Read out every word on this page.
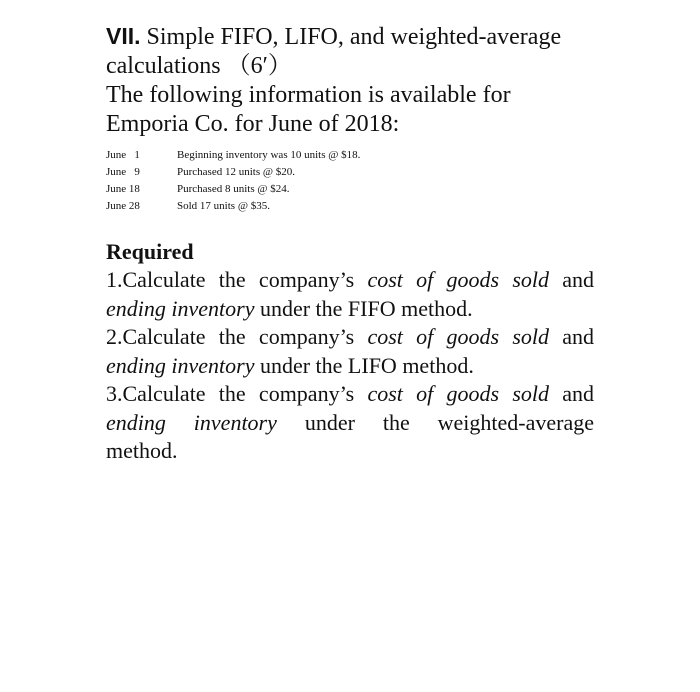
VII. Simple FIFO, LIFO, and weighted-average calculations （6′）

The following information is available for Emporia Co. for June of 2018:

June   1	Beginning inventory was 10 units @ $18.
June   9	Purchased 12 units @ $20.
June 18	Purchased 8 units @ $24.
June 28	Sold 17 units @ $35.
Required

1.Calculate the company’s cost of goods sold and ending inventory under the FIFO method.

2.Calculate the company’s cost of goods sold and ending inventory under the LIFO method.

3.Calculate the company’s cost of goods sold and ending inventory under the weighted-average

method.
